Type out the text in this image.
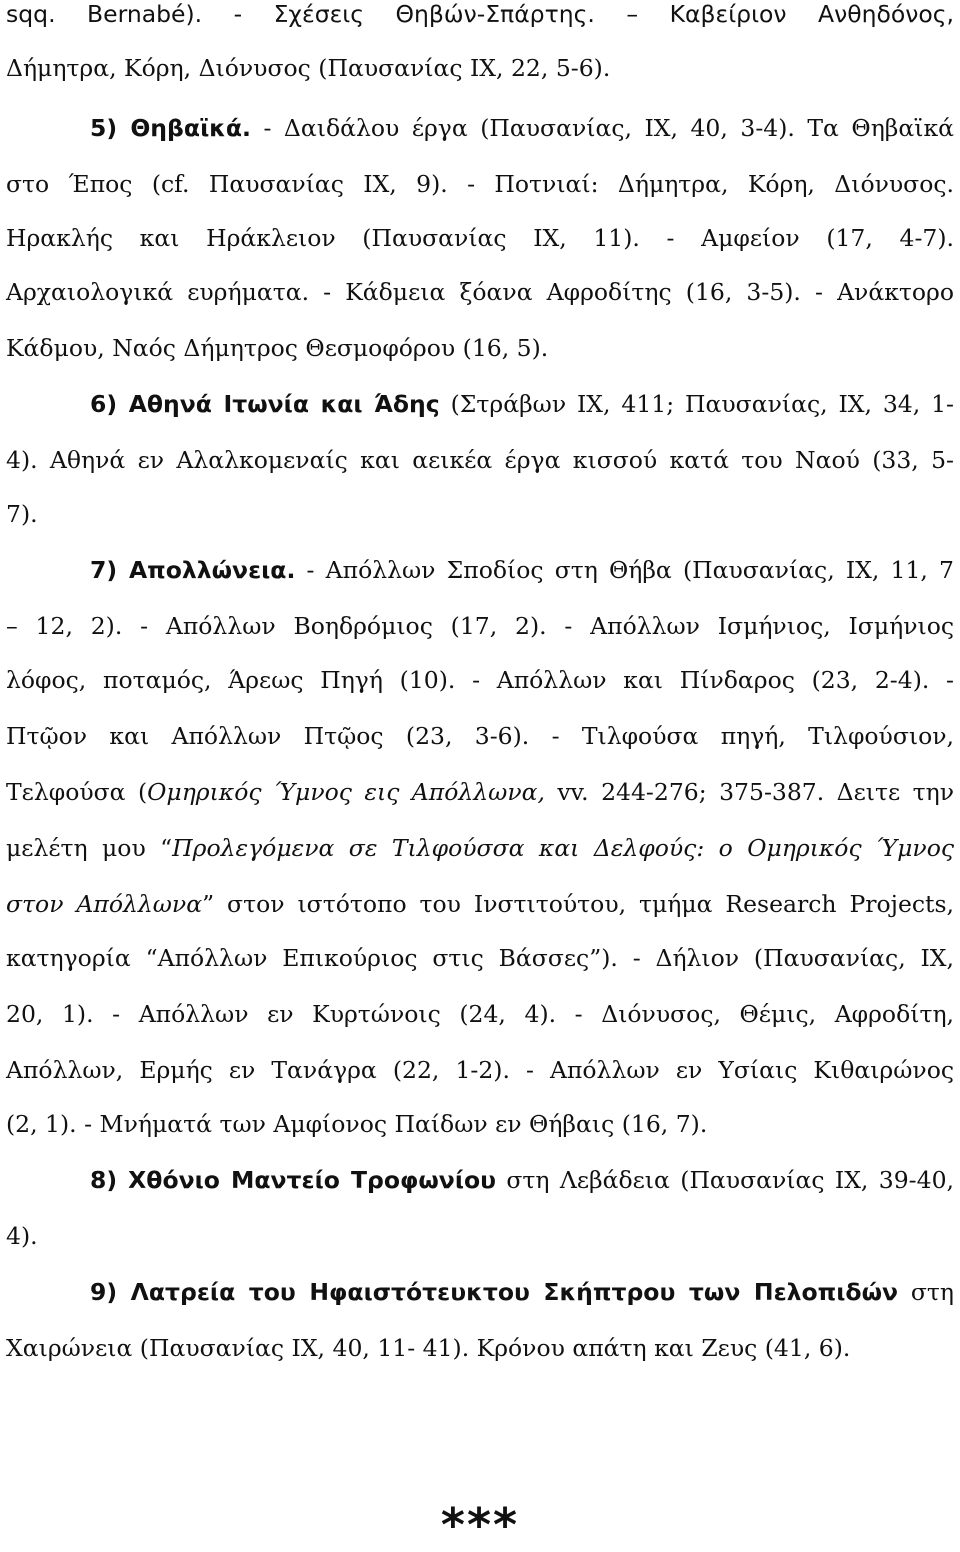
sqq. Bernabé). - Σχέσεις Θηβών-Σπάρτης. – Καβείριον Ανθηδόνος,
Δήμητρα, Κόρη, Διόνυσος (Παυσανίας ΙΧ, 22, 5-6).
5) Θηβαϊκά. - Δαιδάλου έργα (Παυσανίας, ΙΧ, 40, 3-4). Τα Θηβαϊκά
στο Έπος (cf. Παυσανίας ΙΧ, 9). - Ποτνιαί: Δήμητρα, Κόρη, Διόνυσος.
Ηρακλής και Ηράκλειον (Παυσανίας ΙΧ, 11). - Αμφείον (17, 4-7).
Αρχαιολογικά ευρήματα. - Κάδμεια ξόανα Αφροδίτης (16, 3-5). - Ανάκτορο
Κάδμου, Ναός Δήμητρος Θεσμοφόρου (16, 5).
6) Αθηνά Ιτωνία και Άδης (Στράβων ΙΧ, 411; Παυσανίας, ΙΧ, 34, 1-
4). Αθηνά εν Αλαλκομεναίς και αεικέα έργα κισσού κατά του Ναού (33, 5-
7).
7) Απολλώνεια. - Απόλλων Σποδίος στη Θήβα (Παυσανίας, ΙΧ, 11, 7
– 12, 2). - Απόλλων Βοηδρόμιος (17, 2). - Απόλλων Ισμήνιος, Ισμήνιος
λόφος, ποταμός, Άρεως Πηγή (10). - Απόλλων και Πίνδαρος (23, 2-4). -
Πτῷον και Απόλλων Πτῷος (23, 3-6). - Τιλφούσα πηγή, Τιλφούσιον,
Τελφούσα (Ομηρικός Ύμνος εις Απόλλωνα, vv. 244-276; 375-387. Δειτε την
μελέτη μου “Προλεγόμενα σε Τιλφούσσα και Δελφούς: ο Ομηρικός Ύμνος
στον Απόλλωνα” στον ιστότοπο του Ινστιτούτου, τμήμα Research Projects,
κατηγορία “Απόλλων Επικούριος στις Βάσσες”). - Δήλιον (Παυσανίας, ΙΧ,
20, 1). - Απόλλων εν Κυρτώνοις (24, 4). - Διόνυσος, Θέμις, Αφροδίτη,
Απόλλων, Ερμής εν Τανάγρα (22, 1-2). - Απόλλων εν Υσίαις Κιθαιρώνος
(2, 1). - Μνήματά των Αμφίονος Παίδων εν Θήβαις (16, 7).
8) Χθόνιο Μαντείο Τροφωνίου στη Λεβάδεια (Παυσανίας ΙΧ, 39-40,
4).
9) Λατρεία του Ηφαιστότευκτου Σκήπτρου των Πελοπιδών στη
Χαιρώνεια (Παυσανίας ΙΧ, 40, 11- 41). Κρόνου απάτη και Ζευς (41, 6).
***
